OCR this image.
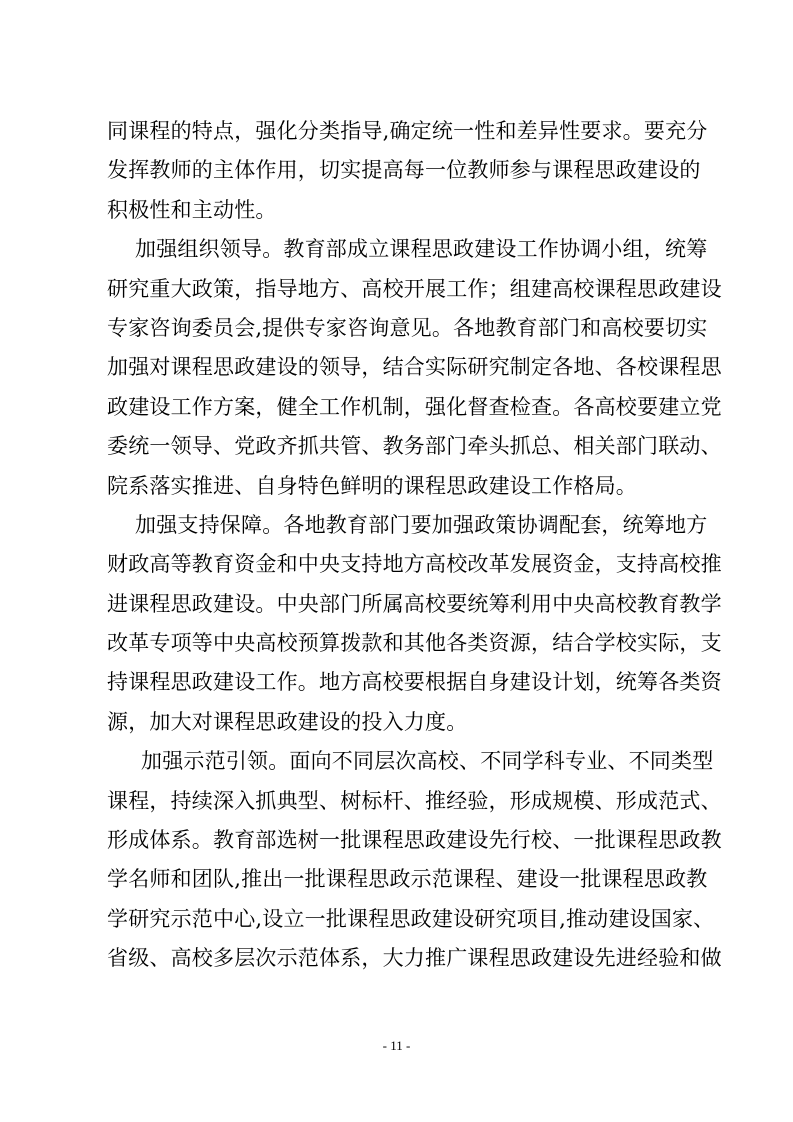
同课程的特点，强化分类指导,确定统一性和差异性要求。要充分
发挥教师的主体作用，切实提高每一位教师参与课程思政建设的
积极性和主动性。
加强组织领导。教育部成立课程思政建设工作协调小组，统筹
研究重大政策，指导地方、高校开展工作；组建高校课程思政建设
专家咨询委员会,提供专家咨询意见。各地教育部门和高校要切实
加强对课程思政建设的领导，结合实际研究制定各地、各校课程思
政建设工作方案，健全工作机制，强化督查检查。各高校要建立党
委统一领导、党政齐抓共管、教务部门牵头抓总、相关部门联动、
院系落实推进、自身特色鲜明的课程思政建设工作格局。
加强支持保障。各地教育部门要加强政策协调配套，统筹地方
财政高等教育资金和中央支持地方高校改革发展资金，支持高校推
进课程思政建设。中央部门所属高校要统筹利用中央高校教育教学
改革专项等中央高校预算拨款和其他各类资源，结合学校实际，支
持课程思政建设工作。地方高校要根据自身建设计划，统筹各类资
源，加大对课程思政建设的投入力度。
加强示范引领。面向不同层次高校、不同学科专业、不同类型
课程，持续深入抓典型、树标杆、推经验，形成规模、形成范式、
形成体系。教育部选树一批课程思政建设先行校、一批课程思政教
学名师和团队,推出一批课程思政示范课程、建设一批课程思政教
学研究示范中心,设立一批课程思政建设研究项目,推动建设国家、
省级、高校多层次示范体系，大力推广课程思政建设先进经验和做
- 11 -
